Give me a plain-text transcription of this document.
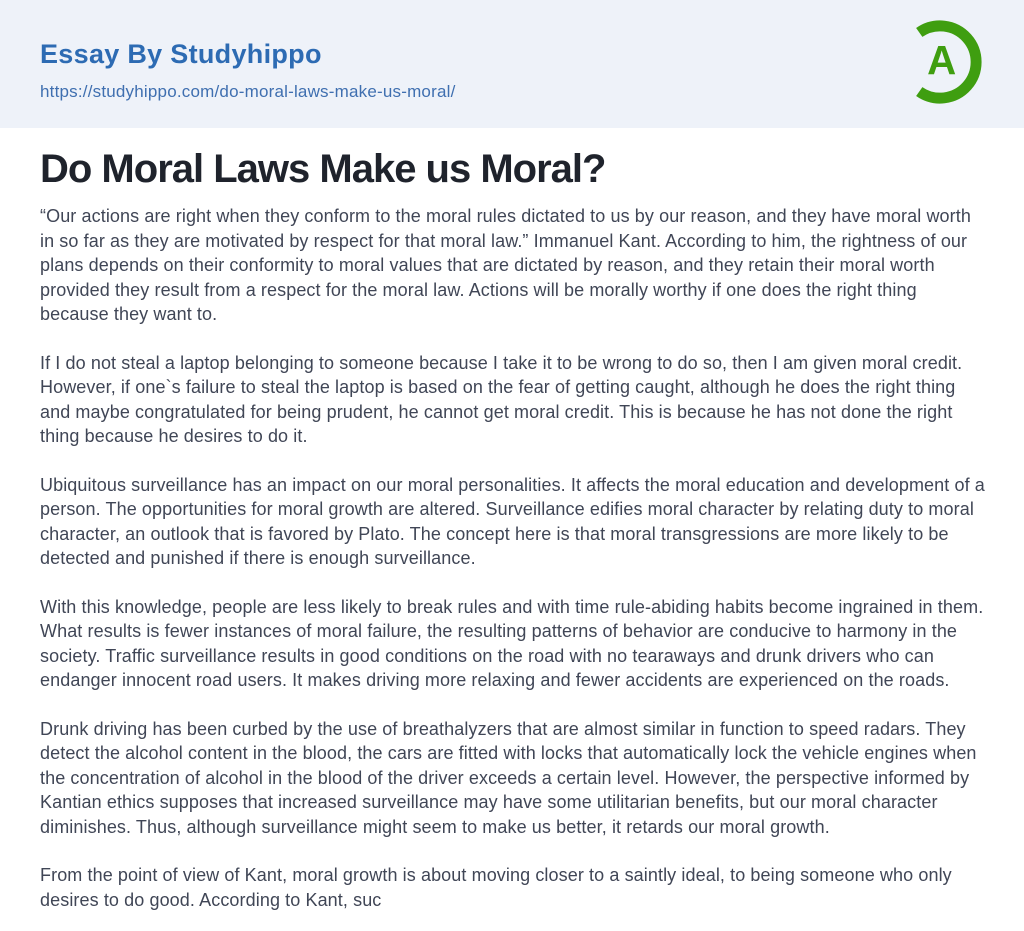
Essay By Studyhippo
https://studyhippo.com/do-moral-laws-make-us-moral/
A
Do Moral Laws Make us Moral?

“Our actions are right when they conform to the moral rules dictated to us by our reason, and they have moral worth in so far as they are motivated by respect for that moral law.” Immanuel Kant. According to him, the rightness of our plans depends on their conformity to moral values that are dictated by reason, and they retain their moral worth provided they result from a respect for the moral law. Actions will be morally worthy if one does the right thing because they want to.

If I do not steal a laptop belonging to someone because I take it to be wrong to do so, then I am given moral credit. However, if one`s failure to steal the laptop is based on the fear of getting caught, although he does the right thing and maybe congratulated for being prudent, he cannot get moral credit. This is because he has not done the right thing because he desires to do it.

Ubiquitous surveillance has an impact on our moral personalities. It affects the moral education and development of a person. The opportunities for moral growth are altered. Surveillance edifies moral character by relating duty to moral character, an outlook that is favored by Plato. The concept here is that moral transgressions are more likely to be detected and punished if there is enough surveillance.

With this knowledge, people are less likely to break rules and with time rule-abiding habits become ingrained in them. What results is fewer instances of moral failure, the resulting patterns of behavior are conducive to harmony in the society. Traffic surveillance results in good conditions on the road with no tearaways and drunk drivers who can endanger innocent road users. It makes driving more relaxing and fewer accidents are experienced on the roads.

Drunk driving has been curbed by the use of breathalyzers that are almost similar in function to speed radars. They detect the alcohol content in the blood, the cars are fitted with locks that automatically lock the vehicle engines when the concentration of alcohol in the blood of the driver exceeds a certain level. However, the perspective informed by Kantian ethics supposes that increased surveillance may have some utilitarian benefits, but our moral character diminishes. Thus, although surveillance might seem to make us better, it retards our moral growth.

From the point of view of Kant, moral growth is about moving closer to a saintly ideal, to being someone who only desires to do good. According to Kant, suc
